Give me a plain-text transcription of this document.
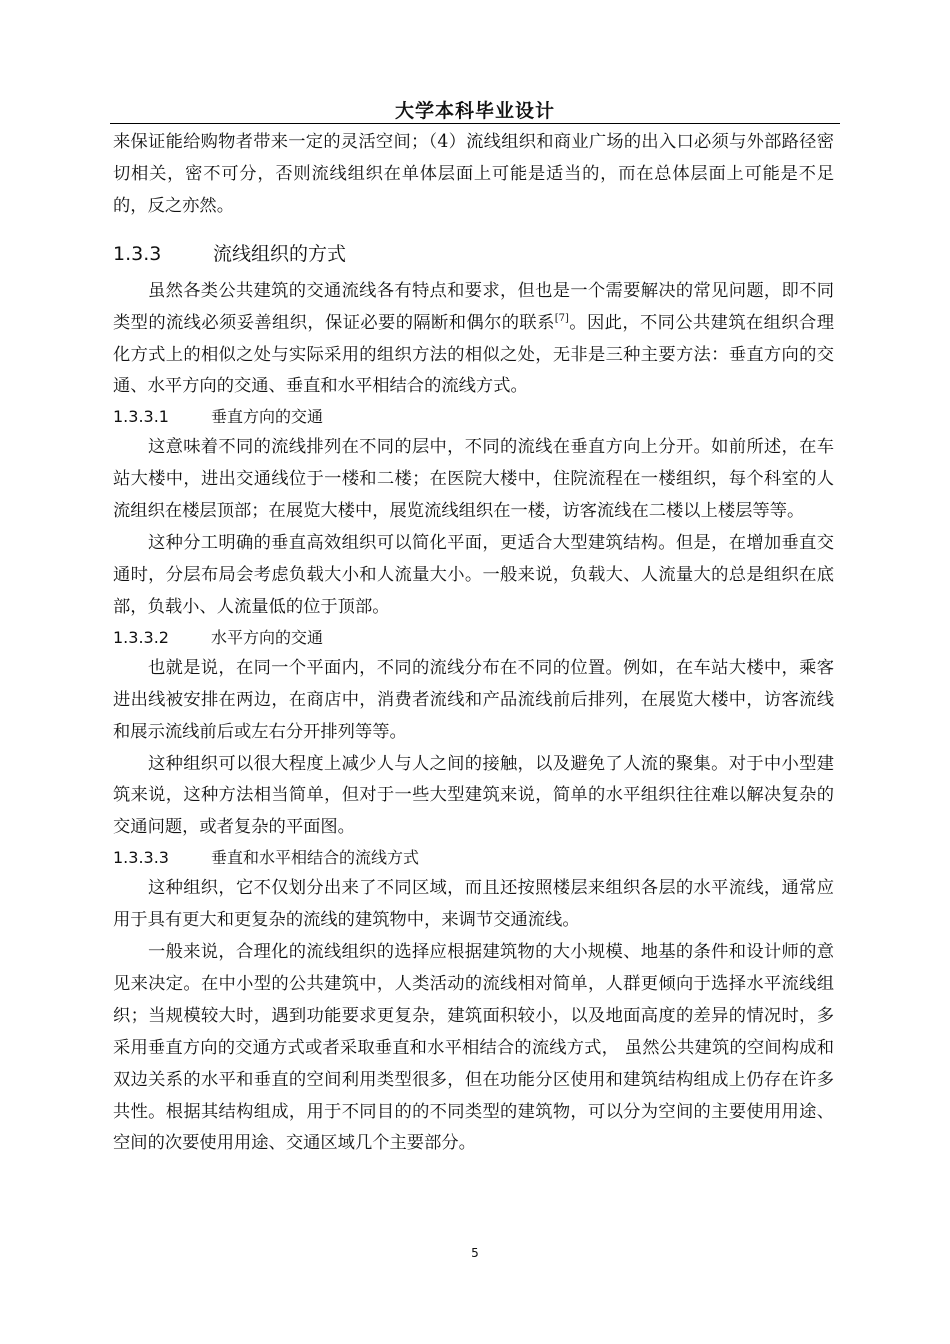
大学本科毕业设计

来保证能给购物者带来一定的灵活空间；（4）流线组织和商业广场的出入口必须与外部路径密切相关，密不可分，否则流线组织在单体层面上可能是适当的，而在总体层面上可能是不足的，反之亦然。

1.3.3	流线组织的方式

虽然各类公共建筑的交通流线各有特点和要求，但也是一个需要解决的常见问题，即不同类型的流线必须妥善组织，保证必要的隔断和偶尔的联系[7]。因此，不同公共建筑在组织合理化方式上的相似之处与实际采用的组织方法的相似之处，无非是三种主要方法：垂直方向的交通、水平方向的交通、垂直和水平相结合的流线方式。

1.3.3.1	垂直方向的交通

这意味着不同的流线排列在不同的层中，不同的流线在垂直方向上分开。如前所述，在车站大楼中，进出交通线位于一楼和二楼；在医院大楼中，住院流程在一楼组织，每个科室的人流组织在楼层顶部；在展览大楼中，展览流线组织在一楼，访客流线在二楼以上楼层等等。

这种分工明确的垂直高效组织可以简化平面，更适合大型建筑结构。但是，在增加垂直交通时，分层布局会考虑负载大小和人流量大小。一般来说，负载大、人流量大的总是组织在底部，负载小、人流量低的位于顶部。

1.3.3.2	水平方向的交通

也就是说，在同一个平面内，不同的流线分布在不同的位置。例如，在车站大楼中，乘客进出线被安排在两边，在商店中，消费者流线和产品流线前后排列，在展览大楼中，访客流线和展示流线前后或左右分开排列等等。

这种组织可以很大程度上减少人与人之间的接触，以及避免了人流的聚集。对于中小型建筑来说，这种方法相当简单，但对于一些大型建筑来说，简单的水平组织往往难以解决复杂的交通问题，或者复杂的平面图。

1.3.3.3	垂直和水平相结合的流线方式

这种组织，它不仅划分出来了不同区域，而且还按照楼层来组织各层的水平流线，通常应用于具有更大和更复杂的流线的建筑物中，来调节交通流线。

一般来说，合理化的流线组织的选择应根据建筑物的大小规模、地基的条件和设计师的意见来决定。在中小型的公共建筑中，人类活动的流线相对简单，人群更倾向于选择水平流线组织；当规模较大时，遇到功能要求更复杂，建筑面积较小，以及地面高度的差异的情况时，多采用垂直方向的交通方式或者采取垂直和水平相结合的流线方式， 虽然公共建筑的空间构成和双边关系的水平和垂直的空间利用类型很多，但在功能分区使用和建筑结构组成上仍存在许多共性。根据其结构组成，用于不同目的的不同类型的建筑物，可以分为空间的主要使用用途、空间的次要使用用途、交通区域几个主要部分。

5
